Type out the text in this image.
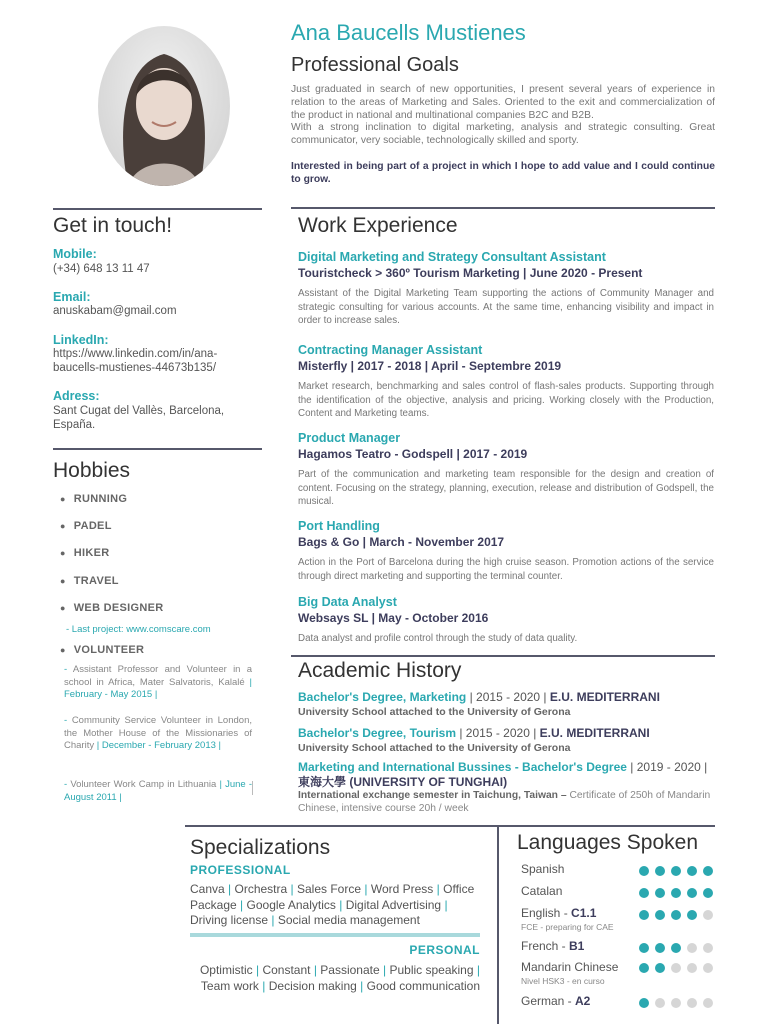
Ana Baucells Mustienes
Professional Goals
Just graduated in search of new opportunities, I present several years of experience in relation to the areas of Marketing and Sales. Oriented to the exit and commercialization of the product in national and multinational companies B2C and B2B.
With a strong inclination to digital marketing, analysis and strategic consulting. Great communicator, very sociable, technologically skilled and sporty.
Interested in being part of a project in which I hope to add value and I could continue to grow.
Get in touch!
Mobile:
(+34) 648 13 11 47
Email:
anuskabam@gmail.com
LinkedIn:
https://www.linkedin.com/in/ana-
baucells-mustienes-44673b135/
Adress:
Sant Cugat del Vallès, Barcelona,
España.
Hobbies
● RUNNING
● PADEL
● HIKER
● TRAVEL
● WEB DESIGNER
- Last project: www.comscare.com
● VOLUNTEER
- Assistant Professor and Volunteer in a school in Africa, Mater Salvatoris, Kalalé | February - May 2015 |
- Community Service Volunteer in London, the Mother House of the Missionaries of Charity | December - February 2013 |
- Volunteer Work Camp in Lithuania | June - August 2011 |
Work Experience
Digital Marketing and Strategy Consultant Assistant
Touristcheck > 360º Tourism Marketing | June 2020 - Present
Assistant of the Digital Marketing Team supporting the actions of Community Manager and strategic consulting for various accounts. At the same time, enhancing visibility and impact in order to increase sales.
Contracting Manager Assistant
Misterfly | 2017 - 2018 | April - Septembre 2019
Market research, benchmarking and sales control of flash-sales products. Supporting through the identification of the objective, analysis and pricing. Working closely with the Production, Content and Marketing teams.
Product Manager
Hagamos Teatro - Godspell | 2017 - 2019
Part of the communication and marketing team responsible for the design and creation of content. Focusing on the strategy, planning, execution, release and distribution of Godspell, the musical.
Port Handling
Bags & Go | March - November 2017
Action in the Port of Barcelona during the high cruise season. Promotion actions of the service through direct marketing and supporting the terminal counter.
Big Data Analyst
Websays SL | May - October 2016
Data analyst and profile control through the study of data quality.
Academic History
Bachelor's Degree, Marketing | 2015 - 2020 | E.U. MEDITERRANI
University School attached to the University of Gerona
Bachelor's Degree, Tourism | 2015 - 2020 | E.U. MEDITERRANI
University School attached to the University of Gerona
Marketing and International Bussines - Bachelor's Degree | 2019 - 2020 |
東海大學 (UNIVERSITY OF TUNGHAI)
International exchange semester in Taichung, Taiwan – Certificate of 250h of Mandarin Chinese, intensive course 20h / week
Specializations
PROFESSIONAL
Canva | Orchestra | Sales Force | Word Press | Office Package | Google Analytics | Digital Advertising | Driving license | Social media management
PERSONAL
Optimistic | Constant | Passionate | Public speaking | Team work | Decision making | Good communication
Languages Spoken
Spanish
Catalan
English - C1.1
FCE - preparing for CAE
French - B1
Mandarin Chinese
Nivel HSK3 - en curso
German - A2
